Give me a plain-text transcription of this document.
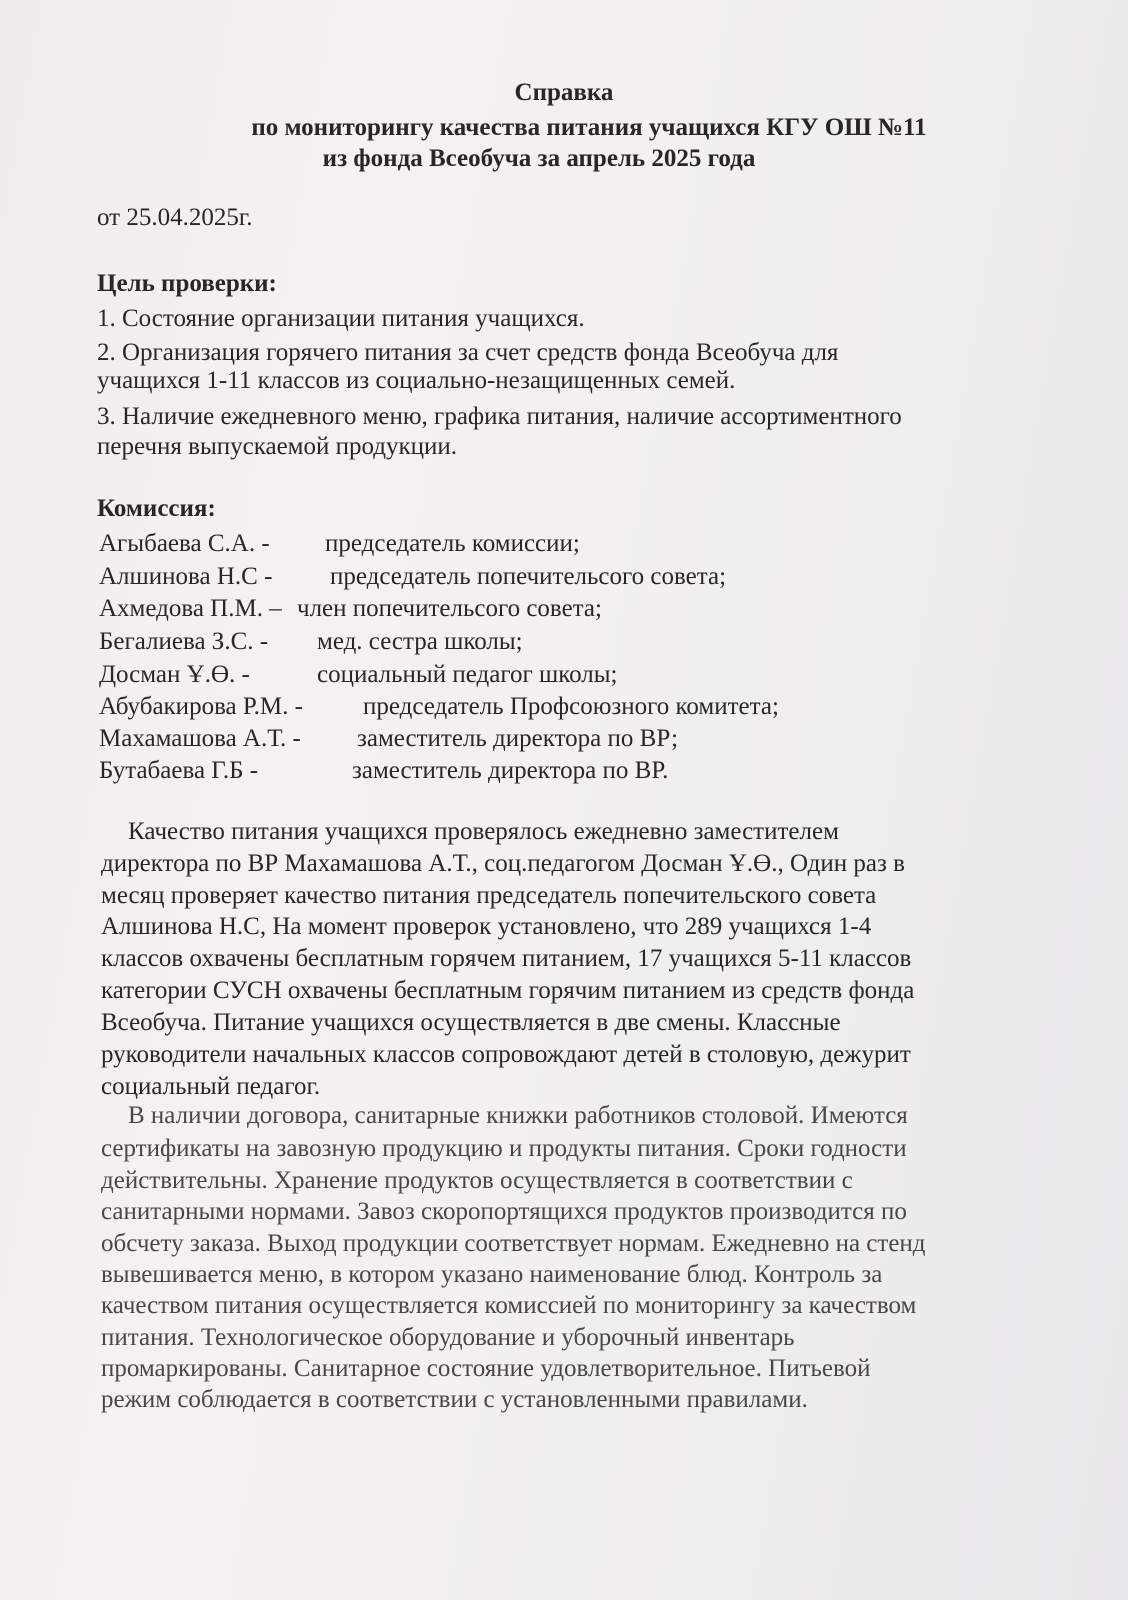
Справка
по мониторингу качества питания учащихся КГУ ОШ №11
из фонда Всеобуча за апрель 2025 года
от 25.04.2025г.
Цель проверки:
1. Состояние организации питания учащихся.
2. Организация горячего питания за счет средств фонда Всеобуча для
учащихся 1-11 классов из социально-незащищенных семей.
3. Наличие ежедневного меню, графика питания, наличие ассортиментного
перечня выпускаемой продукции.
Комиссия:
Агыбаева С.А. - председатель комиссии;
Алшинова Н.С - председатель попечительсого совета;
Ахмедова П.М. – член попечительсого совета;
Бегалиева З.С. - мед. сестра школы;
Досман Ұ.Ө. -	социальный педагог школы;
Абубакирова Р.М. - председатель Профсоюзного комитета;
Махамашова А.Т. - заместитель директора по ВР;
Бутабаева Г.Б -	заместитель директора по ВР.
Качество питания учащихся проверялось ежедневно заместителем
директора по ВР Махамашова А.Т., соц.педагогом Досман Ұ.Ө., Один раз в
месяц проверяет качество питания председатель попечительского совета
Алшинова Н.С, На момент проверок установлено, что 289 учащихся 1-4
классов охвачены бесплатным горячем питанием, 17 учащихся 5-11 классов
категории СУСН охвачены бесплатным горячим питанием из средств фонда
Всеобуча. Питание учащихся осуществляется в две смены. Классные
руководители начальных классов сопровождают детей в столовую, дежурит
социальный педагог.
В наличии договора, санитарные книжки работников столовой. Имеются
сертификаты на завозную продукцию и продукты питания. Сроки годности
действительны. Хранение продуктов осуществляется в соответствии с
санитарными нормами. Завоз скоропортящихся продуктов производится по
обсчету заказа. Выход продукции соответствует нормам. Ежедневно на стенд
вывешивается меню, в котором указано наименование блюд. Контроль за
качеством питания осуществляется комиссией по мониторингу за качеством
питания. Технологическое оборудование и уборочный инвентарь
промаркированы. Санитарное состояние удовлетворительное. Питьевой
режим соблюдается в соответствии с установленными правилами.
